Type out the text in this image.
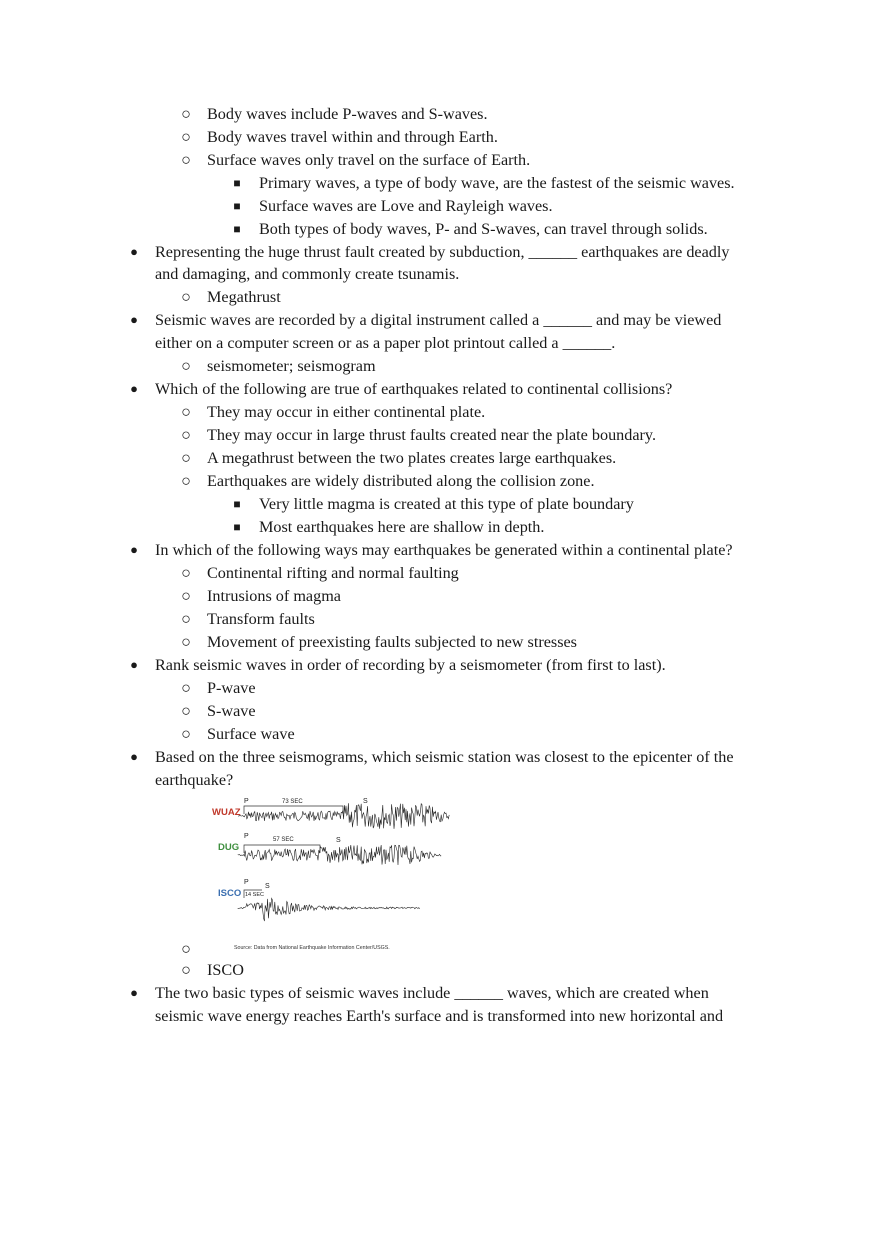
○ Body waves include P-waves and S-waves.
○ Body waves travel within and through Earth.
○ Surface waves only travel on the surface of Earth.
■ Primary waves, a type of body wave, are the fastest of the seismic waves.
■ Surface waves are Love and Rayleigh waves.
■ Both types of body waves, P- and S-waves, can travel through solids.
● Representing the huge thrust fault created by subduction, ______ earthquakes are deadly
and damaging, and commonly create tsunamis.
○ Megathrust
● Seismic waves are recorded by a digital instrument called a ______ and may be viewed
either on a computer screen or as a paper plot printout called a ______.
○ seismometer; seismogram
● Which of the following are true of earthquakes related to continental collisions?
○ They may occur in either continental plate.
○ They may occur in large thrust faults created near the plate boundary.
○ A megathrust between the two plates creates large earthquakes.
○ Earthquakes are widely distributed along the collision zone.
■ Very little magma is created at this type of plate boundary
■ Most earthquakes here are shallow in depth.
● In which of the following ways may earthquakes be generated within a continental plate?
○ Continental rifting and normal faulting
○ Intrusions of magma
○ Transform faults
○ Movement of preexisting faults subjected to new stresses
● Rank seismic waves in order of recording by a seismometer (from first to last).
○ P-wave
○ S-wave
○ Surface wave
● Based on the three seismograms, which seismic station was closest to the epicenter of the
earthquake?
WUAZ
P	S
73 SEC
DUG
P
S
57 SEC
P
S
ISCO 14 SEC
Source: Data from National Earthquake Information Center/USGS.
○
○ ISCO
● The two basic types of seismic waves include ______ waves, which are created when
seismic wave energy reaches Earth's surface and is transformed into new horizontal and
